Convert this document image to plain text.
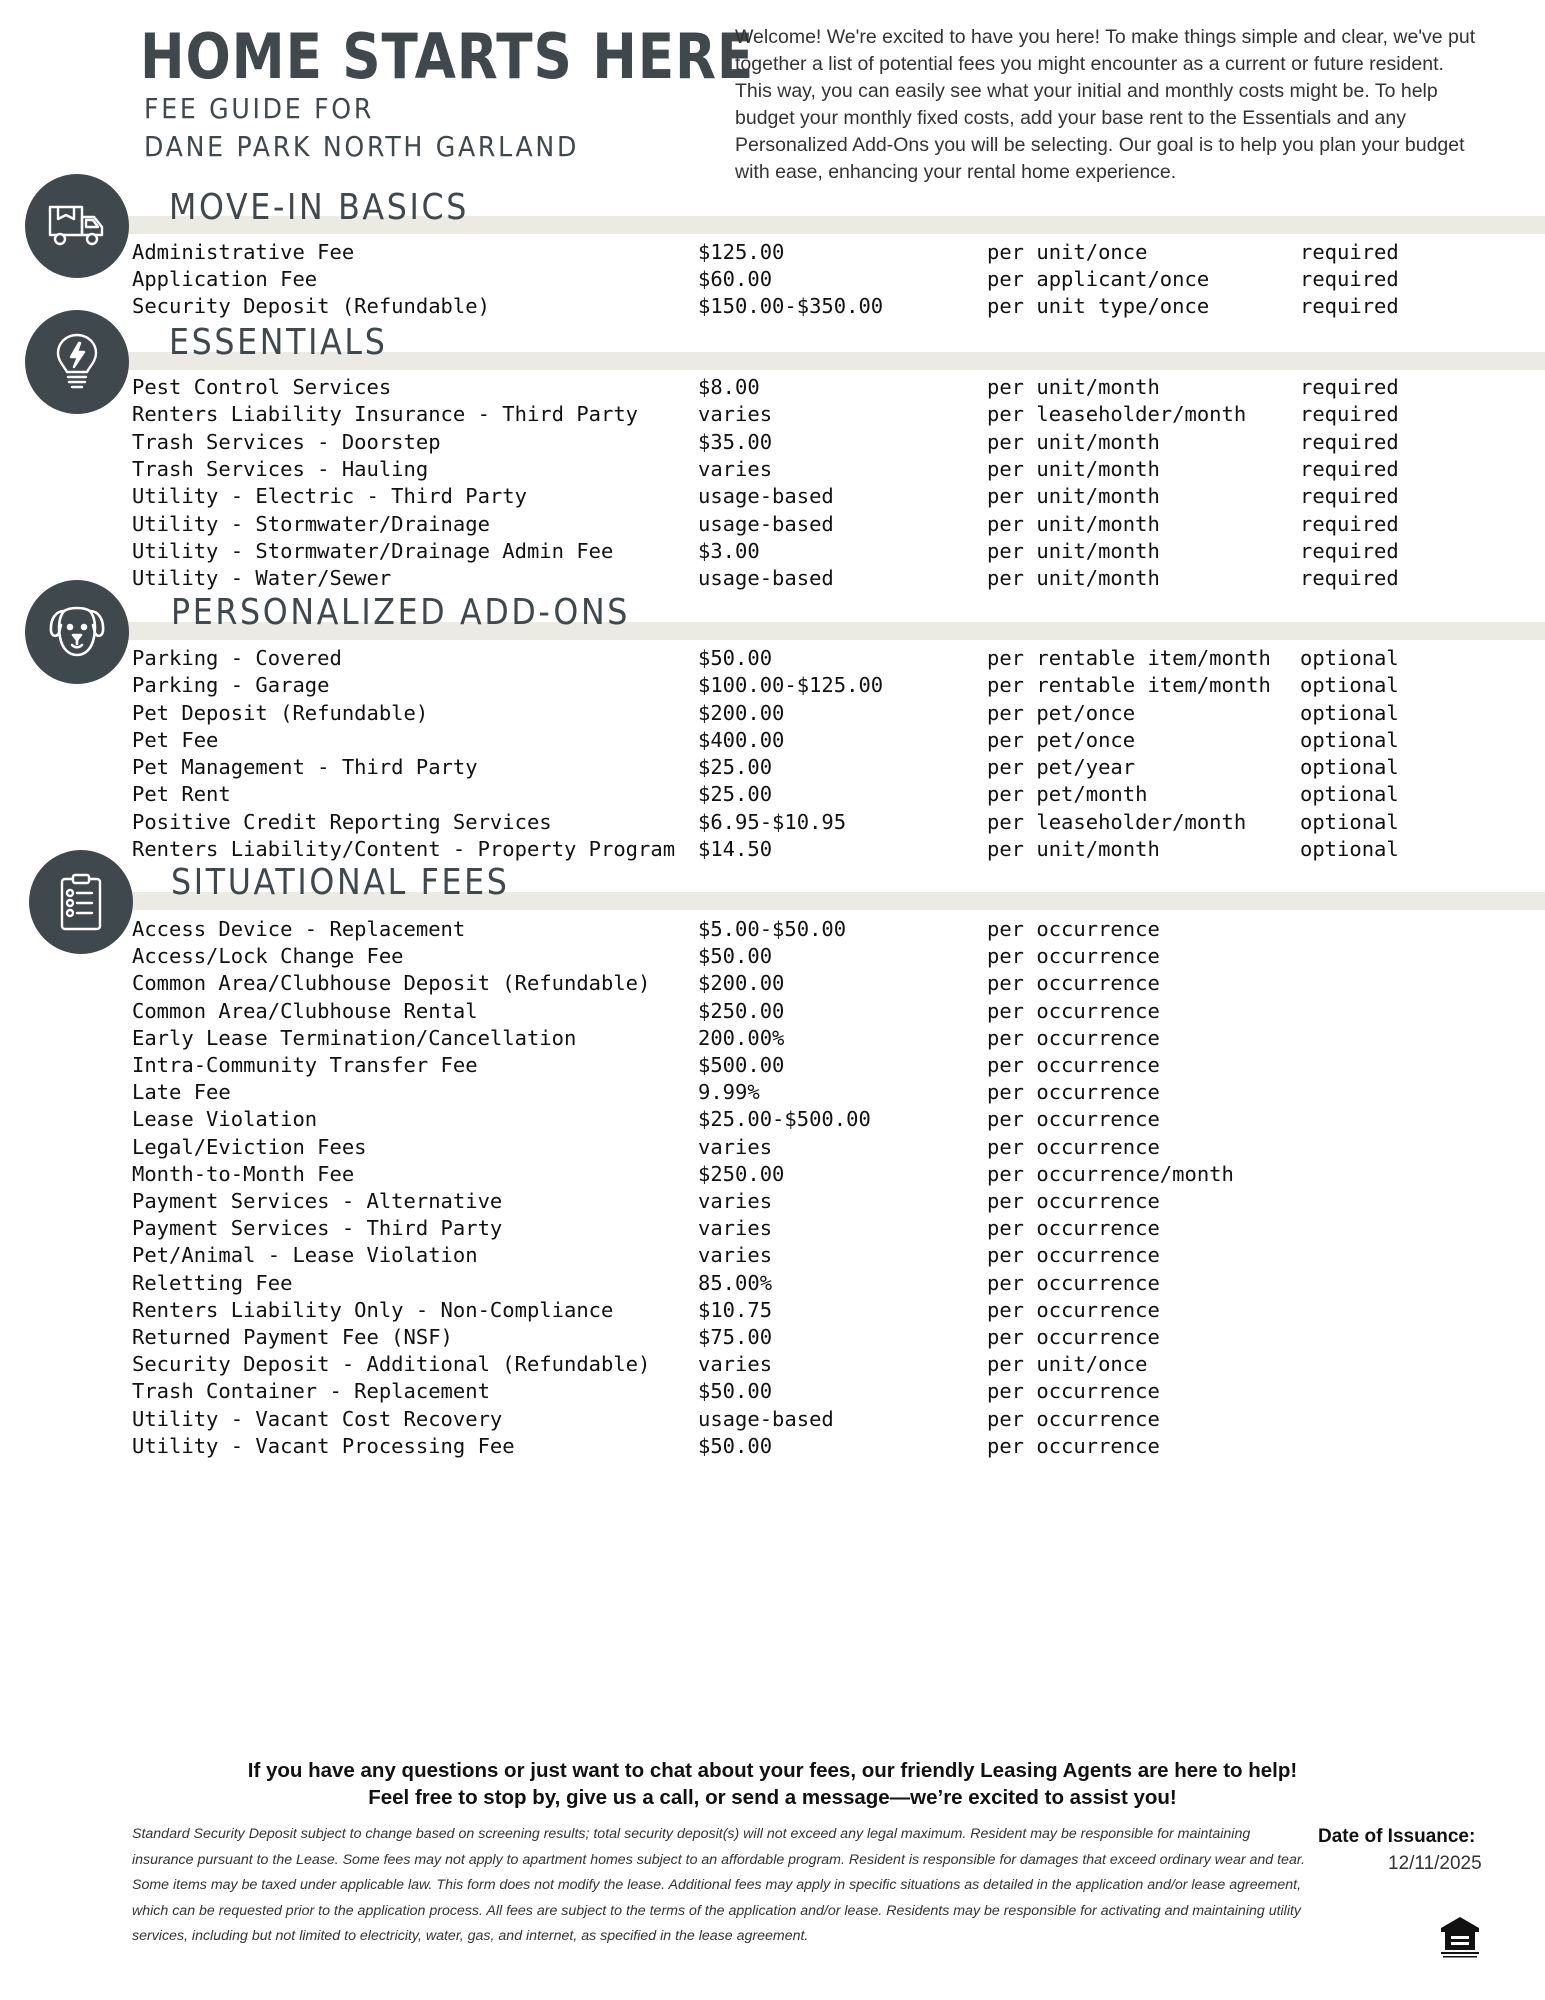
HOME STARTS HERE
FEE GUIDE FOR
DANE PARK NORTH GARLAND
Welcome! We're excited to have you here! To make things simple and clear, we've put together a list of potential fees you might encounter as a current or future resident. This way, you can easily see what your initial and monthly costs might be. To help budget your monthly fixed costs, add your base rent to the Essentials and any Personalized Add-Ons you will be selecting. Our goal is to help you plan your budget with ease, enhancing your rental home experience.
MOVE-IN BASICS
Administrative Fee	$125.00	per unit/once	required
Application Fee	$60.00	per applicant/once	required
Security Deposit (Refundable)	$150.00-$350.00	per unit type/once	required
ESSENTIALS
Pest Control Services	$8.00	per unit/month	required
Renters Liability Insurance - Third Party	varies	per leaseholder/month	required
Trash Services - Doorstep	$35.00	per unit/month	required
Trash Services - Hauling	varies	per unit/month	required
Utility - Electric - Third Party	usage-based	per unit/month	required
Utility - Stormwater/Drainage	usage-based	per unit/month	required
Utility - Stormwater/Drainage Admin Fee	$3.00	per unit/month	required
Utility - Water/Sewer	usage-based	per unit/month	required
PERSONALIZED ADD-ONS
Parking - Covered	$50.00	per rentable item/month optional
Parking - Garage	$100.00-$125.00	per rentable item/month optional
Pet Deposit (Refundable)	$200.00	per pet/once	optional
Pet Fee	$400.00	per pet/once	optional
Pet Management - Third Party	$25.00	per pet/year	optional
Pet Rent	$25.00	per pet/month	optional
Positive Credit Reporting Services	$6.95-$10.95	per leaseholder/month	optional
Renters Liability/Content - Property Program $14.50	per unit/month	optional
SITUATIONAL FEES
Access Device - Replacement	$5.00-$50.00	per occurrence
Access/Lock Change Fee	$50.00	per occurrence
Common Area/Clubhouse Deposit (Refundable) $200.00	per occurrence
Common Area/Clubhouse Rental	$250.00	per occurrence
Early Lease Termination/Cancellation	200.00%	per occurrence
Intra-Community Transfer Fee	$500.00	per occurrence
Late Fee	9.99%	per occurrence
Lease Violation	$25.00-$500.00	per occurrence
Legal/Eviction Fees	varies	per occurrence
Month-to-Month Fee	$250.00	per occurrence/month
Payment Services - Alternative	varies	per occurrence
Payment Services - Third Party	varies	per occurrence
Pet/Animal - Lease Violation	varies	per occurrence
Reletting Fee	85.00%	per occurrence
Renters Liability Only - Non-Compliance	$10.75	per occurrence
Returned Payment Fee (NSF)	$75.00	per occurrence
Security Deposit - Additional (Refundable) varies	per unit/once
Trash Container - Replacement	$50.00	per occurrence
Utility - Vacant Cost Recovery	usage-based	per occurrence
Utility - Vacant Processing Fee	$50.00	per occurrence
If you have any questions or just want to chat about your fees, our friendly Leasing Agents are here to help!
Feel free to stop by, give us a call, or send a message—we’re excited to assist you!
Standard Security Deposit subject to change based on screening results; total security deposit(s) will not exceed any legal maximum. Resident may be responsible for maintaining insurance pursuant to the Lease. Some fees may not apply to apartment homes subject to an affordable program. Resident is responsible for damages that exceed ordinary wear and tear. Some items may be taxed under applicable law. This form does not modify the lease. Additional fees may apply in specific situations as detailed in the application and/or lease agreement, which can be requested prior to the application process. All fees are subject to the terms of the application and/or lease. Residents may be responsible for activating and maintaining utility services, including but not limited to electricity, water, gas, and internet, as specified in the lease agreement.
Date of Issuance:
12/11/2025
